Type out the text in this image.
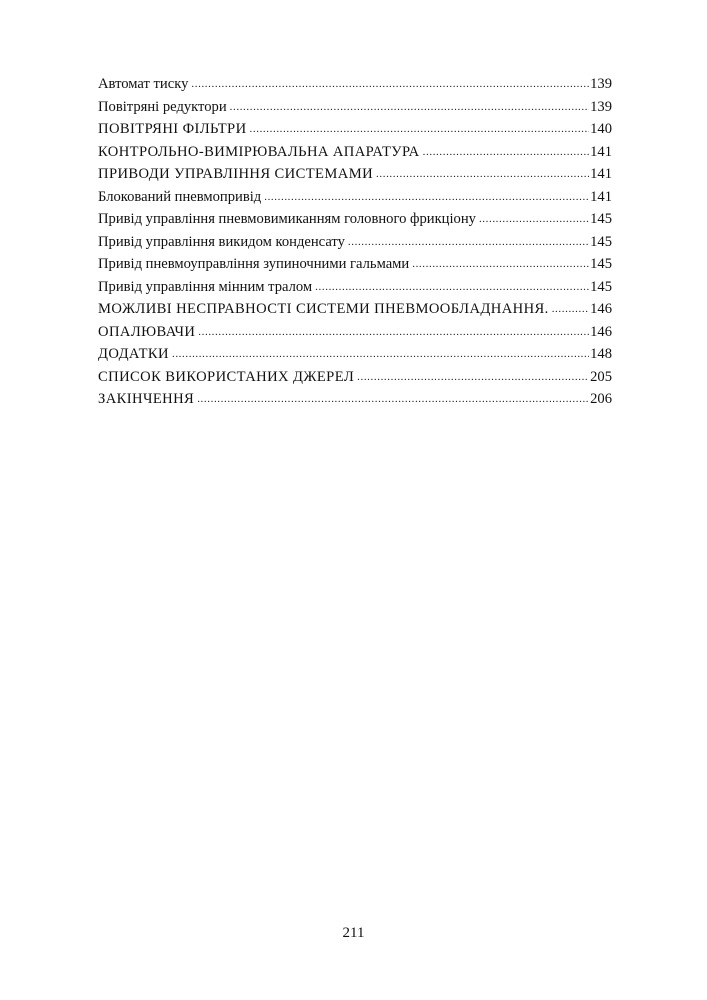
Автомат тиску .....	139
Повітряні редуктори .....	139
ПОВІТРЯНІ ФІЛЬТРИ .....	140
КОНТРОЛЬНО-ВИМІРЮВАЛЬНА АПАРАТУРА .....	141
ПРИВОДИ УПРАВЛІННЯ СИСТЕМАМИ .....	141
Блокований пневмопривід .....	141
Привід управління пневмовимиканням головного фрикціону .....	145
Привід управління викидом конденсату .....	145
Привід пневмоуправління зупиночними гальмами .....	145
Привід управління мінним тралом .....	145
МОЖЛИВІ НЕСПРАВНОСТІ СИСТЕМИ ПНЕВМООБЛАДНАННЯ. .....	146
ОПАЛЮВАЧИ .....	146
ДОДАТКИ .....	148
СПИСОК ВИКОРИСТАНИХ ДЖЕРЕЛ .....	205
ЗАКІНЧЕННЯ .....	206
211
